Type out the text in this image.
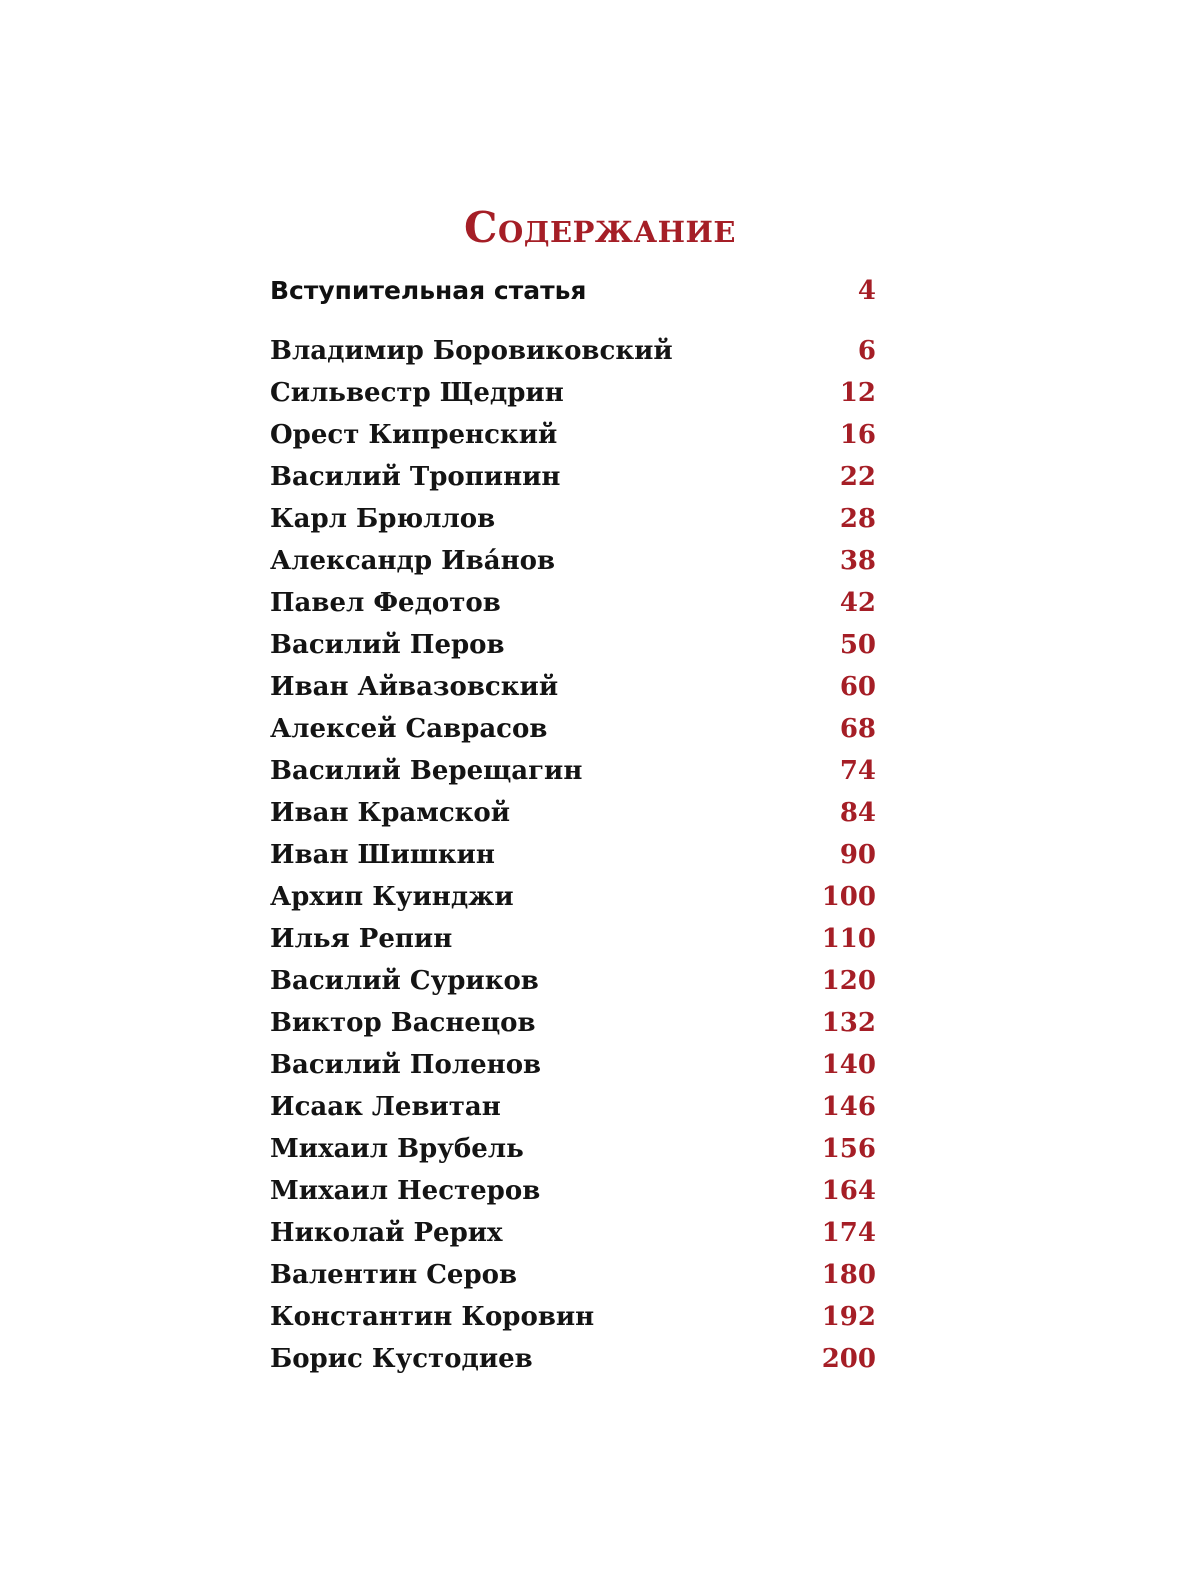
Содержание
Вступительная статья	4
Владимир Боровиковский	6
Сильвестр Щедрин	12
Орест Кипренский	16
Василий Тропинин	22
Карл Брюллов	28
Александр Ива́нов	38
Павел Федотов	42
Василий Перов	50
Иван Айвазовский	60
Алексей Саврасов	68
Василий Верещагин	74
Иван Крамской	84
Иван Шишкин	90
Архип Куинджи	100
Илья Репин	110
Василий Суриков	120
Виктор Васнецов	132
Василий Поленов	140
Исаак Левитан	146
Михаил Врубель	156
Михаил Нестеров	164
Николай Рерих	174
Валентин Серов	180
Константин Коровин	192
Борис Кустодиев	200
